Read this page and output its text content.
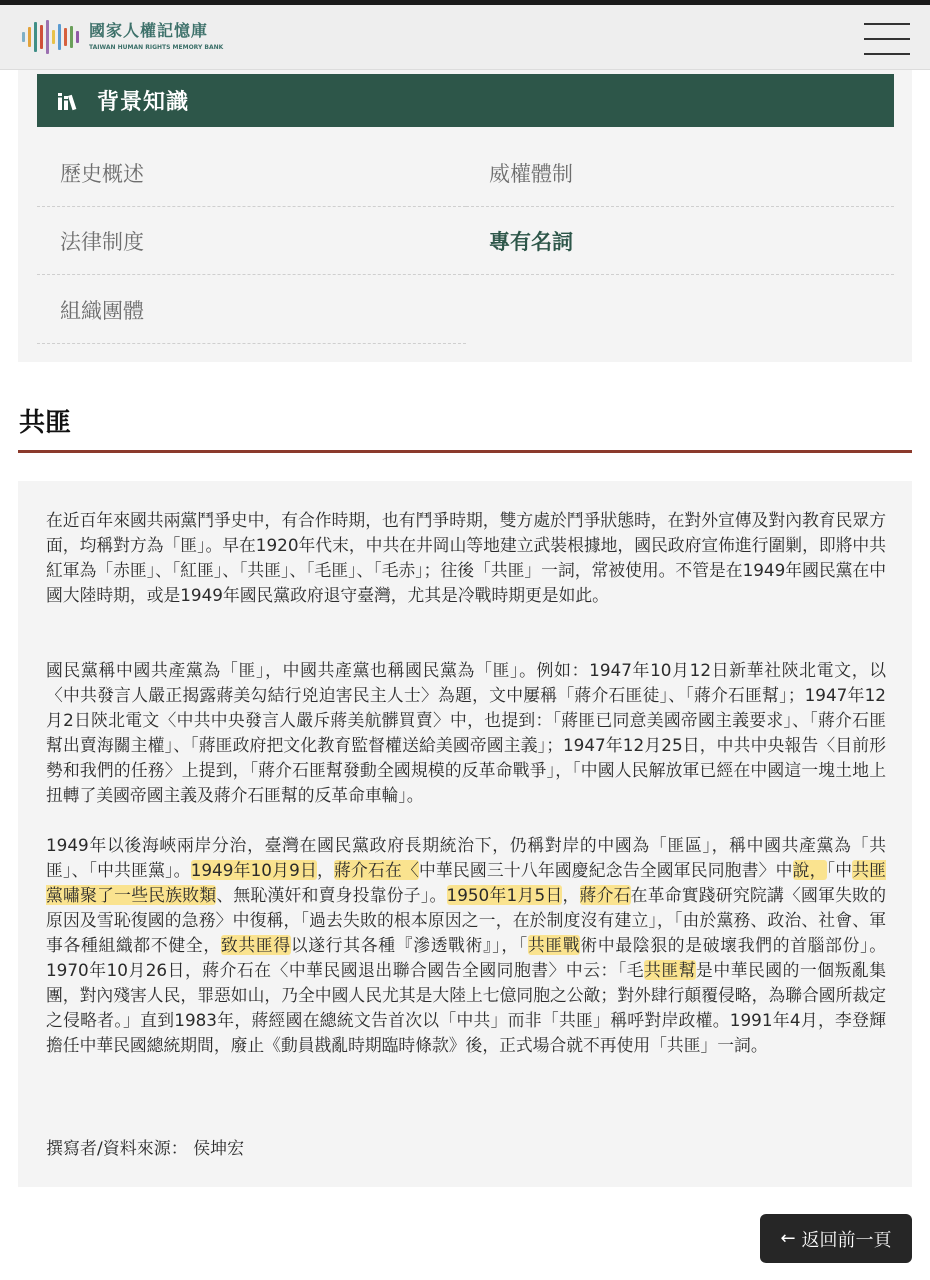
國家人權記憶庫
TAIWAN HUMAN RIGHTS MEMORY BANK
背景知識
歷史概述	威權體制
法律制度	專有名詞
組織團體
共匪
在近百年來國共兩黨鬥爭史中，有合作時期，也有鬥爭時期，雙方處於鬥爭狀態時，在對外宣傳及對內教育民眾方面，均稱對方為「匪」。早在1920年代末，中共在井岡山等地建立武裝根據地，國民政府宣佈進行圍剿，即將中共紅軍為「赤匪」、「紅匪」、「共匪」、「毛匪」、「毛赤」；往後「共匪」一詞，常被使用。不管是在1949年國民黨在中國大陸時期，或是1949年國民黨政府退守臺灣，尤其是冷戰時期更是如此。
國民黨稱中國共產黨為「匪」，中國共產黨也稱國民黨為「匪」。例如：1947年10月12日新華社陝北電文，以〈中共發言人嚴正揭露蔣美勾結行兇迫害民主人士〉為題，文中屢稱「蔣介石匪徒」、「蔣介石匪幫」；1947年12月2日陝北電文〈中共中央發言人嚴斥蔣美航髒買賣〉中，也提到：「蔣匪已同意美國帝國主義要求」、「蔣介石匪幫出賣海關主權」、「蔣匪政府把文化教育監督權送給美國帝國主義」；1947年12月25日，中共中央報告〈目前形勢和我們的任務〉上提到，「蔣介石匪幫發動全國規模的反革命戰爭」，「中國人民解放軍已經在中國這一塊土地上扭轉了美國帝國主義及蔣介石匪幫的反革命車輪」。
1949年以後海峽兩岸分治，臺灣在國民黨政府長期統治下，仍稱對岸的中國為「匪區」，稱中國共產黨為「共匪」、「中共匪黨」。1949年10月9日，蔣介石在〈中華民國三十八年國慶紀念告全國軍民同胞書〉中說，「中共匪黨嘯聚了一些民族敗類、無恥漢奸和賣身投靠份子」。1950年1月5日，蔣介石在革命實踐研究院講〈國軍失敗的原因及雪恥復國的急務〉中復稱，「過去失敗的根本原因之一，在於制度沒有建立」，「由於黨務、政治、社會、軍事各種組織都不健全，致共匪得以遂行其各種『滲透戰術』」，「共匪戰術中最陰狠的是破壞我們的首腦部份」。1970年10月26日，蔣介石在〈中華民國退出聯合國告全國同胞書〉中云：「毛共匪幫是中華民國的一個叛亂集團，對內殘害人民，罪惡如山，乃全中國人民尤其是大陸上七億同胞之公敵；對外肆行顛覆侵略，為聯合國所裁定之侵略者。」直到1983年，蔣經國在總統文告首次以「中共」而非「共匪」稱呼對岸政權。1991年4月，李登輝擔任中華民國總統期間，廢止《動員戡亂時期臨時條款》後，正式場合就不再使用「共匪」一詞。
撰寫者/資料來源： 侯坤宏
← 返回前一頁
